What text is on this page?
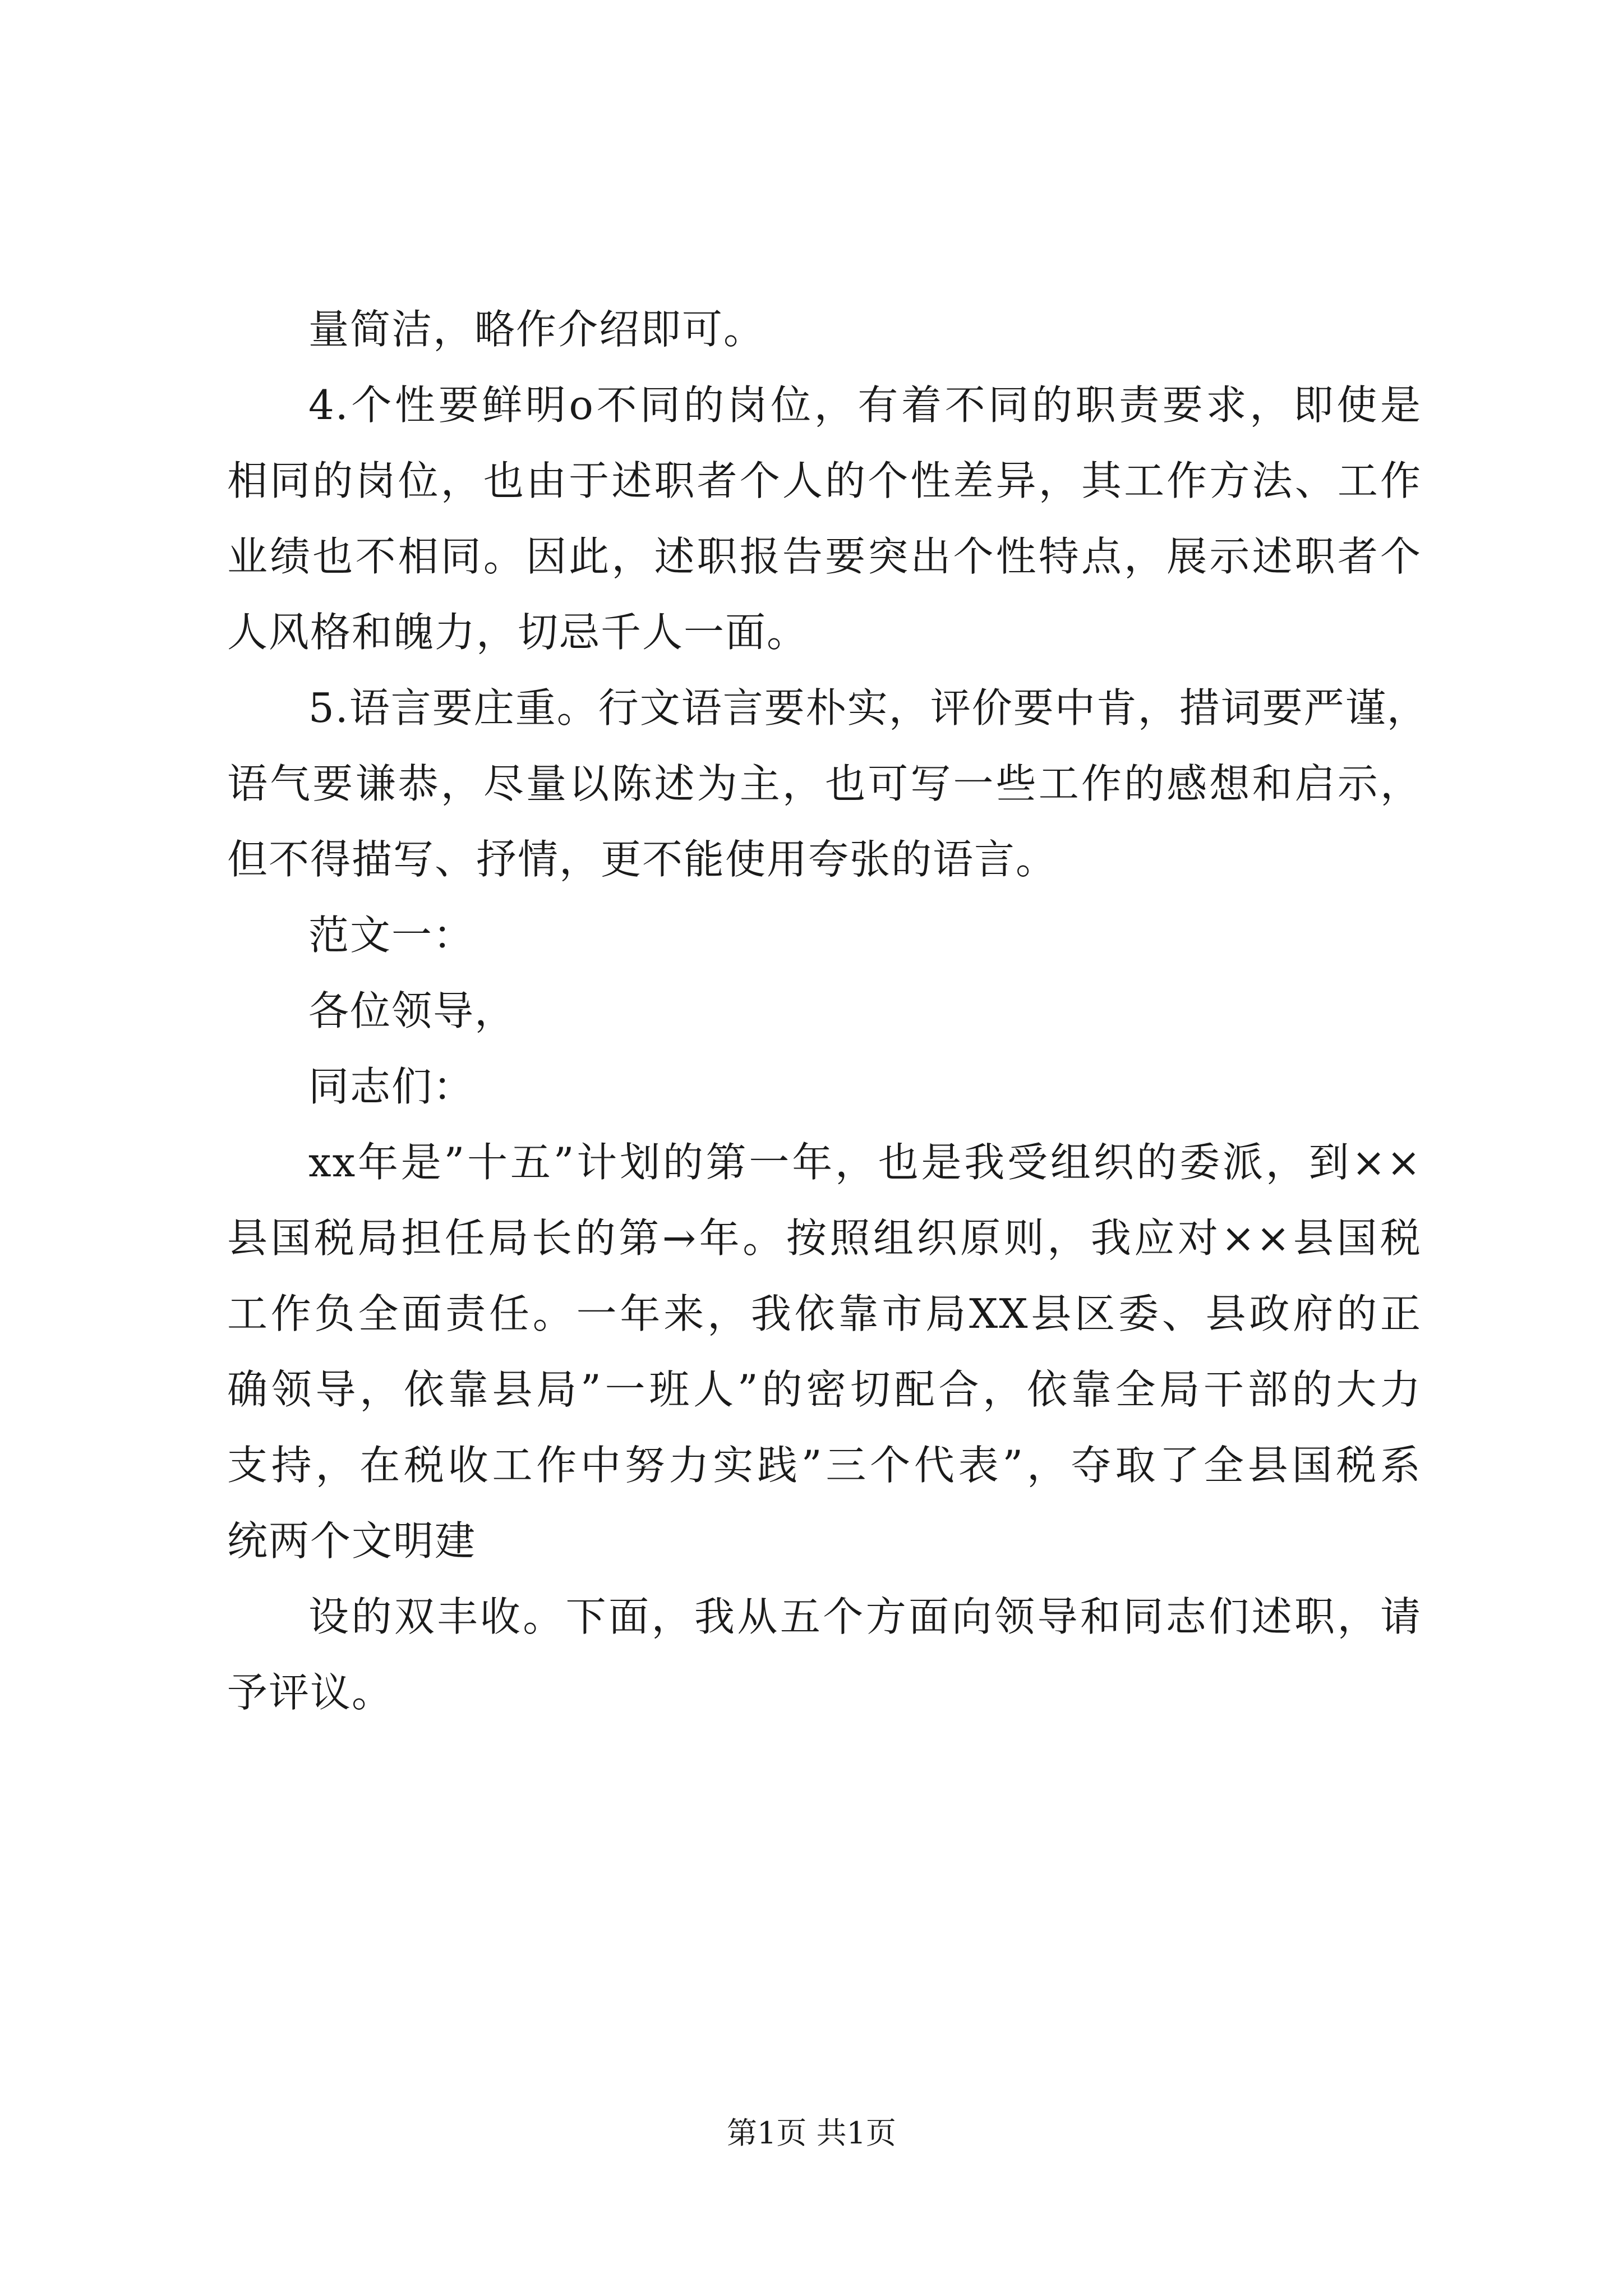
量简洁，略作介绍即可。
4.个性要鲜明o不同的岗位，有着不同的职责要求，即使是
相同的岗位，也由于述职者个人的个性差异，其工作方法、工作
业绩也不相同。因此，述职报告要突出个性特点，展示述职者个
人风格和魄力，切忌千人一面。
5.语言要庄重。行文语言要朴实，评价要中肯，措词要严谨，
语气要谦恭，尽量以陈述为主，也可写一些工作的感想和启示，
但不得描写、抒情，更不能使用夸张的语言。
范文一：
各位领导，
同志们：
xx年是”十五”计划的第一年，也是我受组织的委派，到××
县国税局担任局长的第→年。按照组织原则，我应对××县国税
工作负全面责任。一年来，我依靠市局XX县区委、县政府的正
确领导，依靠县局”一班人”的密切配合，依靠全局干部的大力
支持，在税收工作中努力实践”三个代表”，夺取了全县国税系
统两个文明建
设的双丰收。下面，我从五个方面向领导和同志们述职，请
予评议。
第1页 共1页
